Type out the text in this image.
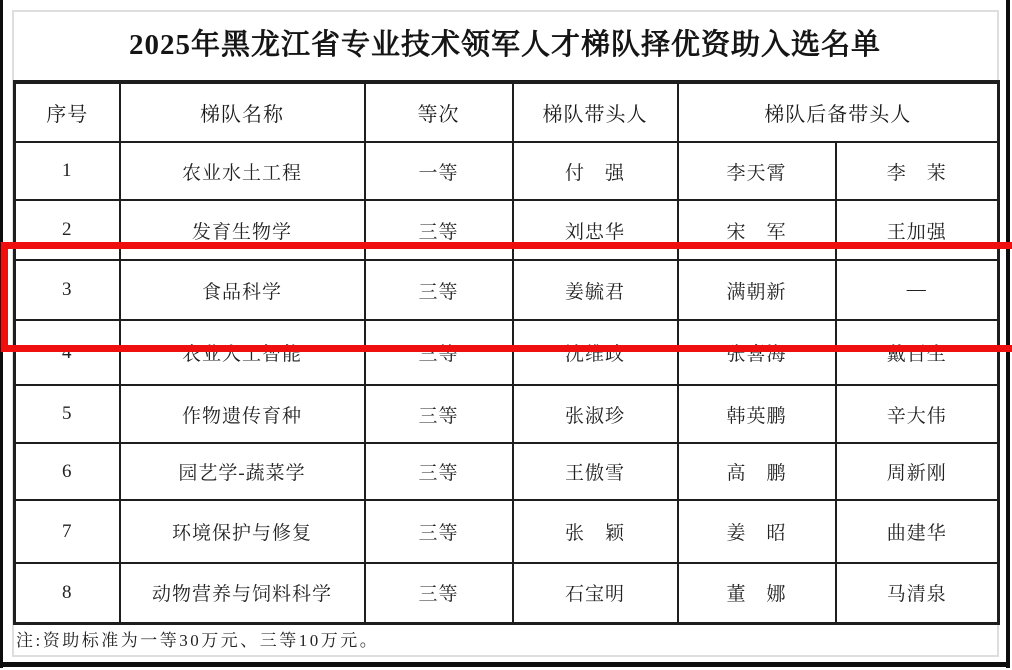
2025年黑龙江省专业技术领军人才梯队择优资助入选名单
序号	梯队名称	等次	梯队带头人	梯队后备带头人	
1	农业水土工程	一等	付　强	李天霄	李　茉
2	发育生物学	三等	刘忠华	宋　军	王加强
3	食品科学	三等	姜毓君	满朝新	—
4	农业人工智能	三等	沈维政	张喜海	戴百生
5	作物遗传育种	三等	张淑珍	韩英鹏	辛大伟
6	园艺学-蔬菜学	三等	王傲雪	高　鹏	周新刚
7	环境保护与修复	三等	张　颖	姜　昭	曲建华
8	动物营养与饲料科学	三等	石宝明	董　娜	马清泉
注:资助标准为一等30万元、三等10万元。
